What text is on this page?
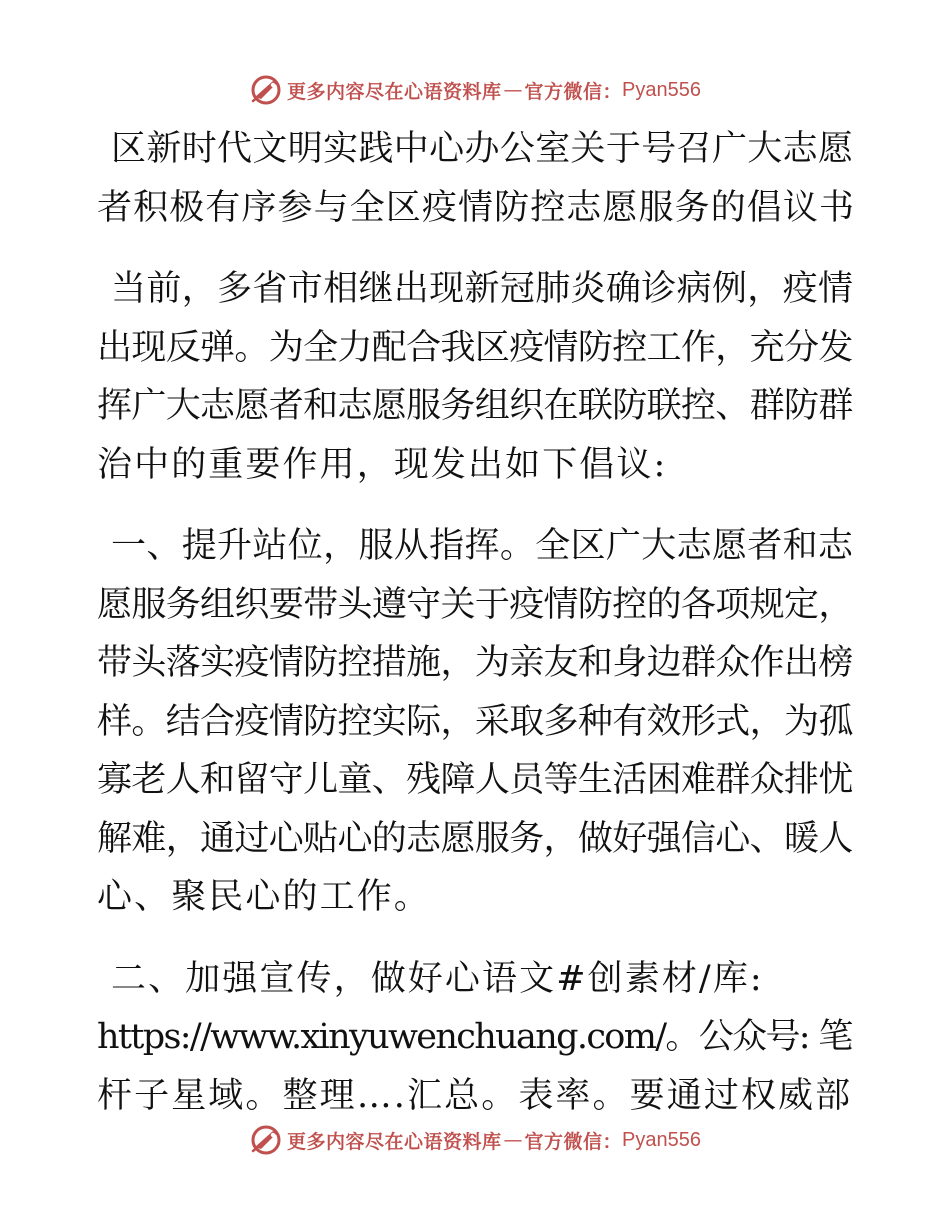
更多内容尽在心语资料库 — 官方微信： Pyan556
区新时代文明实践中心办公室关于号召广大志愿
者积极有序参与全区疫情防控志愿服务的倡议书
当前，多省市相继出现新冠肺炎确诊病例，疫情
出现反弹。为全力配合我区疫情防控工作，充分发
挥广大志愿者和志愿服务组织在联防联控、群防群
治中的重要作用，现发出如下倡议:
一、提升站位，服从指挥。全区广大志愿者和志
愿服务组织要带头遵守关于疫情防控的各项规定，
带头落实疫情防控措施，为亲友和身边群众作出榜
样。结合疫情防控实际，采取多种有效形式，为孤
寡老人和留守儿童、残障人员等生活困难群众排忧
解难，通过心贴心的志愿服务，做好强信心、暖人
心、聚民心的工作。
二、加强宣传，做好心语文#创素材/库:
https://www.xinyuwenchuang.com/。公众号: 笔
杆子星域。整理….汇总。表率。要通过权威部
更多内容尽在心语资料库 — 官方微信： Pyan556
